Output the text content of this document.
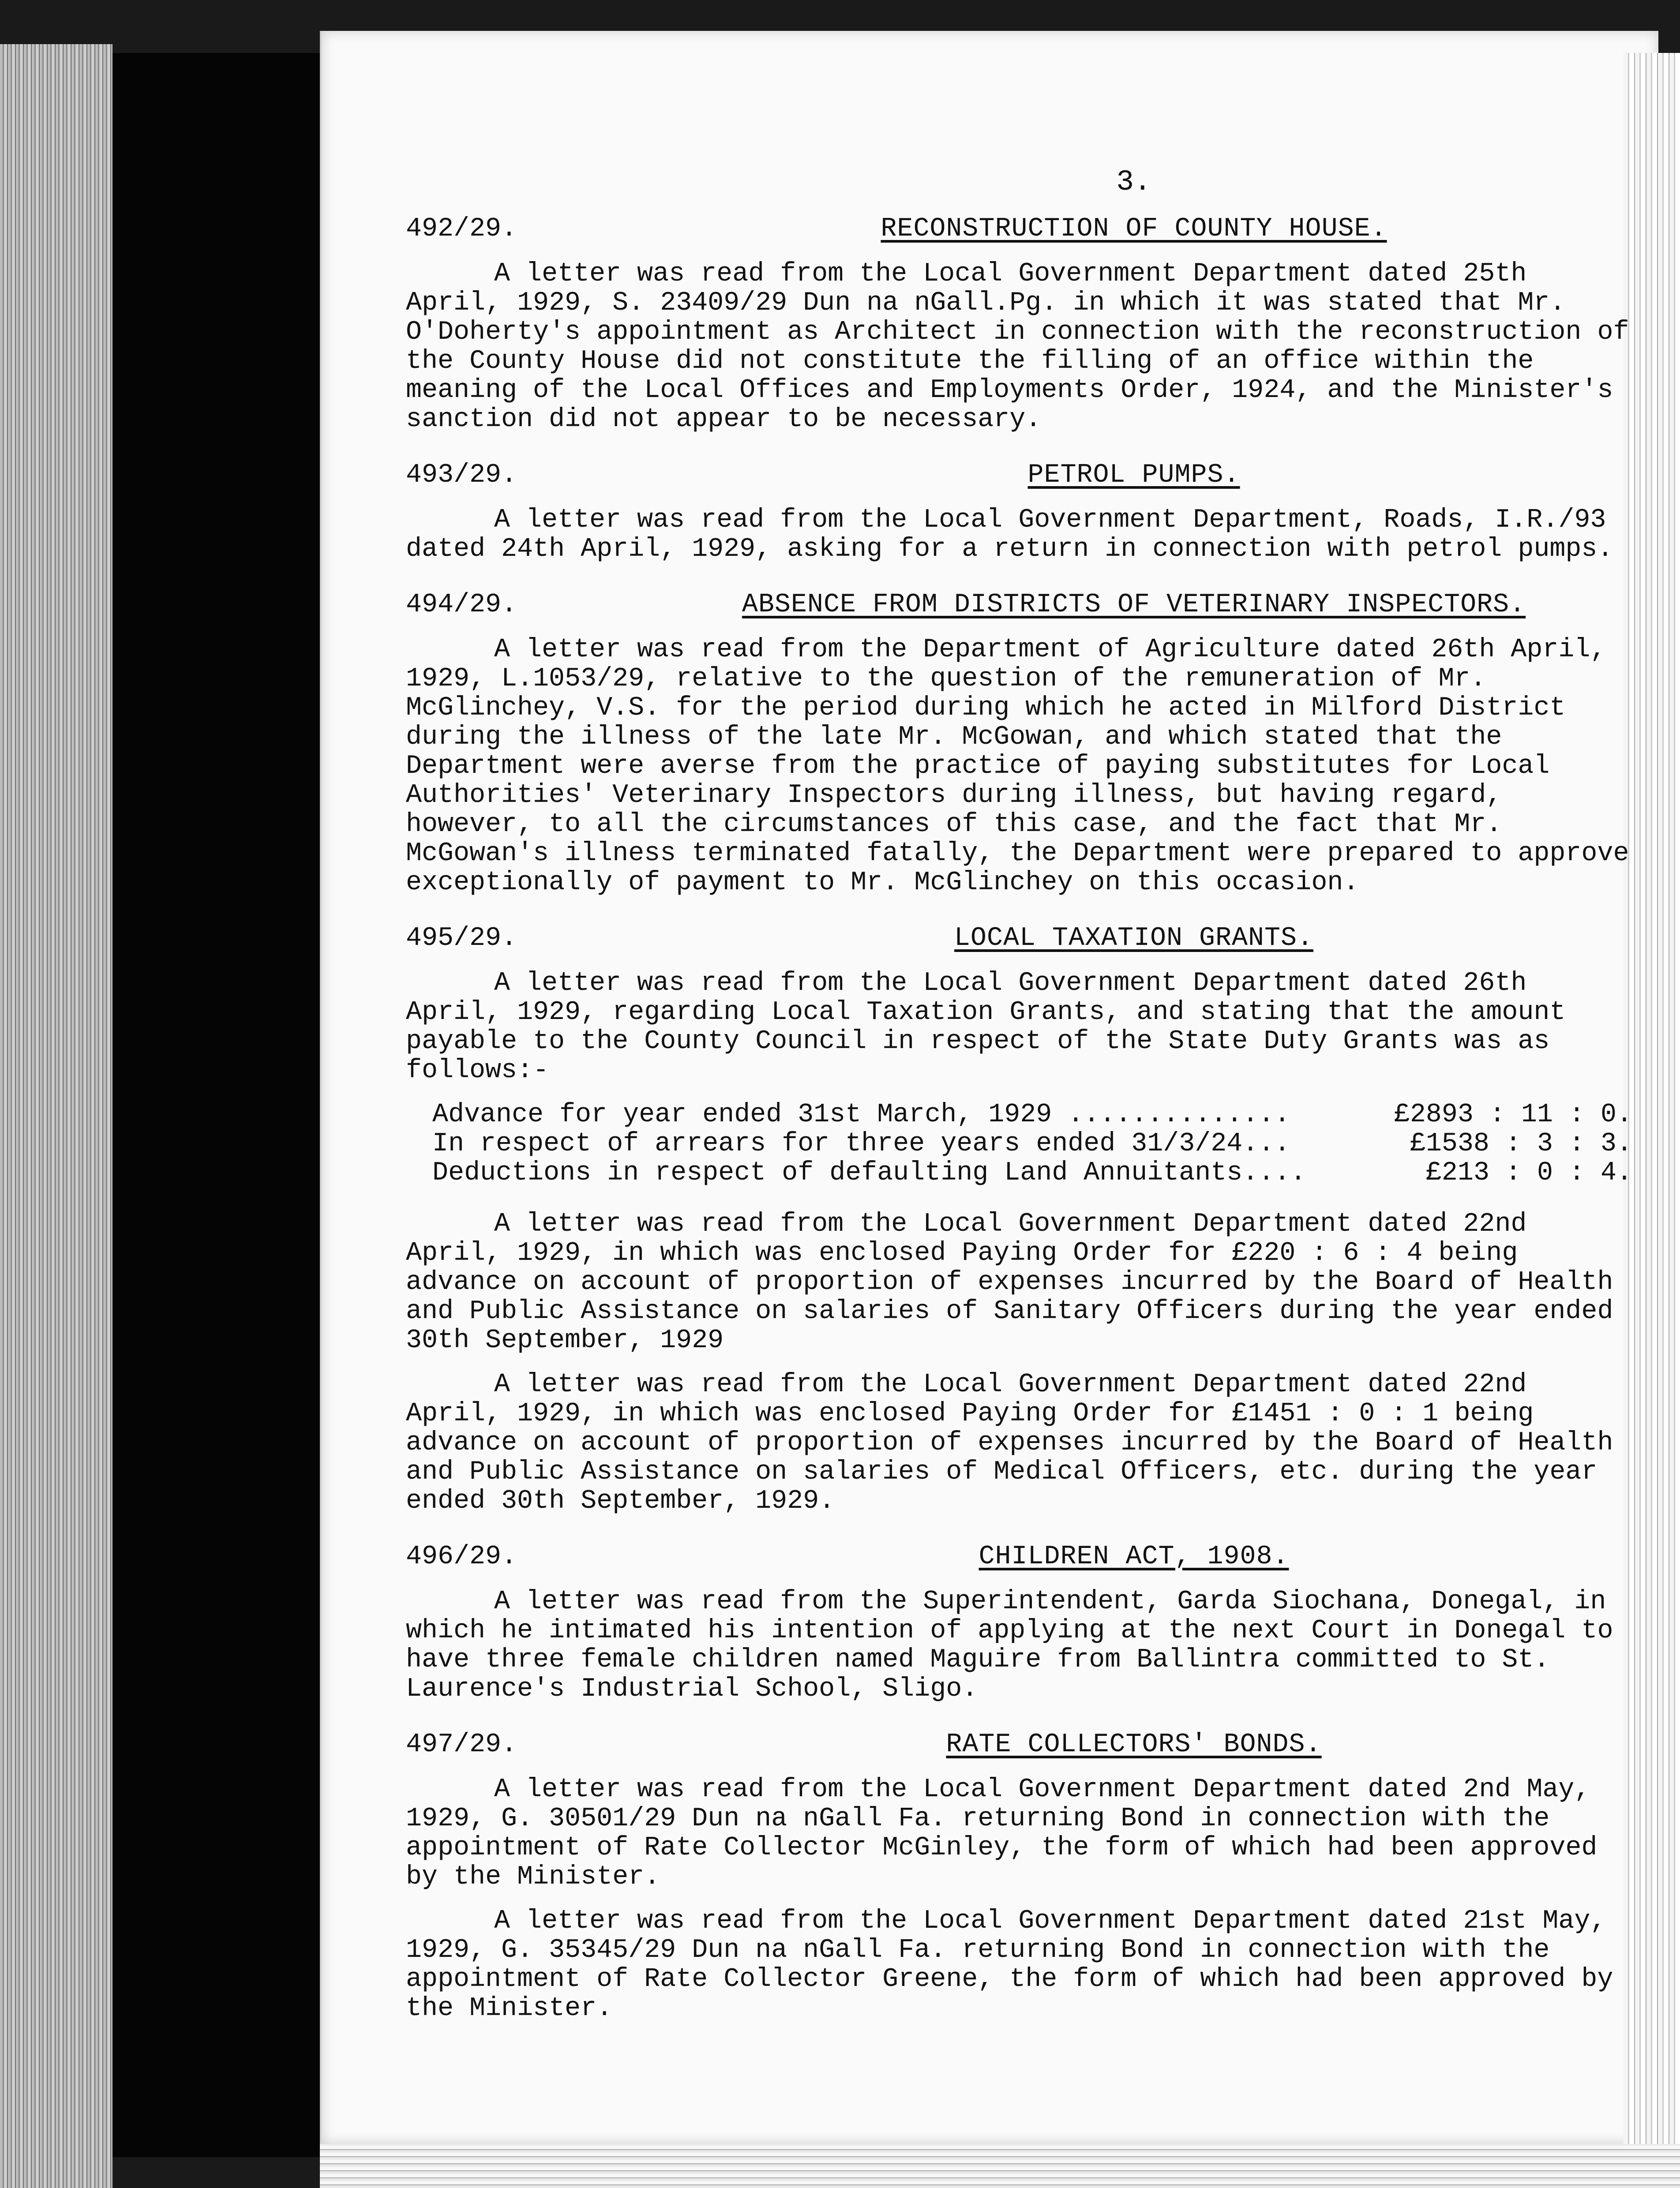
3.
492/29.	RECONSTRUCTION OF COUNTY HOUSE.

A letter was read from the Local Government Department dated 25th April, 1929, S. 23409/29 Dun na nGall.Pg. in which it was stated that Mr. O'Doherty's appointment as Architect in connection with the reconstruction of the County House did not constitute the filling of an office within the meaning of the Local Offices and Employments Order, 1924, and the Minister's sanction did not appear to be necessary.

493/29.	PETROL PUMPS.

A letter was read from the Local Government Department, Roads, I.R./93 dated 24th April, 1929, asking for a return in connection with petrol pumps.

494/29.	ABSENCE FROM DISTRICTS OF VETERINARY INSPECTORS.

A letter was read from the Department of Agriculture dated 26th April, 1929, L.1053/29, relative to the question of the remuneration of Mr. McGlinchey, V.S. for the period during which he acted in Milford District during the illness of the late Mr. McGowan, and which stated that the Department were averse from the practice of paying substitutes for Local Authorities' Veterinary Inspectors during illness, but having regard, however, to all the circumstances of this case, and the fact that Mr. McGowan's illness terminated fatally, the Department were prepared to approve exceptionally of payment to Mr. McGlinchey on this occasion.

495/29.	LOCAL TAXATION GRANTS.

A letter was read from the Local Government Department dated 26th April, 1929, regarding Local Taxation Grants, and stating that the amount payable to the County Council in respect of the State Duty Grants was as follows:-

Advance for year ended 31st March, 1929 ..............	£2893 : 11 : 0.
In respect of arrears for three years ended 31/3/24...	£1538 : 3 : 3.
Deductions in respect of defaulting Land Annuitants....	£213 : 0 : 4.

A letter was read from the Local Government Department dated 22nd April, 1929, in which was enclosed Paying Order for £220 : 6 : 4 being advance on account of proportion of expenses incurred by the Board of Health and Public Assistance on salaries of Sanitary Officers during the year ended 30th September, 1929

A letter was read from the Local Government Department dated 22nd April, 1929, in which was enclosed Paying Order for £1451 : 0 : 1 being advance on account of proportion of expenses incurred by the Board of Health and Public Assistance on salaries of Medical Officers, etc. during the year ended 30th September, 1929.

496/29.	CHILDREN ACT, 1908.

A letter was read from the Superintendent, Garda Siochana, Donegal, in which he intimated his intention of applying at the next Court in Donegal to have three female children named Maguire from Ballintra committed to St. Laurence's Industrial School, Sligo.

497/29.	RATE COLLECTORS' BONDS.

A letter was read from the Local Government Department dated 2nd May, 1929, G. 30501/29 Dun na nGall Fa. returning Bond in connection with the appointment of Rate Collector McGinley, the form of which had been approved by the Minister.

A letter was read from the Local Government Department dated 21st May, 1929, G. 35345/29 Dun na nGall Fa. returning Bond in connection with the appointment of Rate Collector Greene, the form of which had been approved by the Minister.
